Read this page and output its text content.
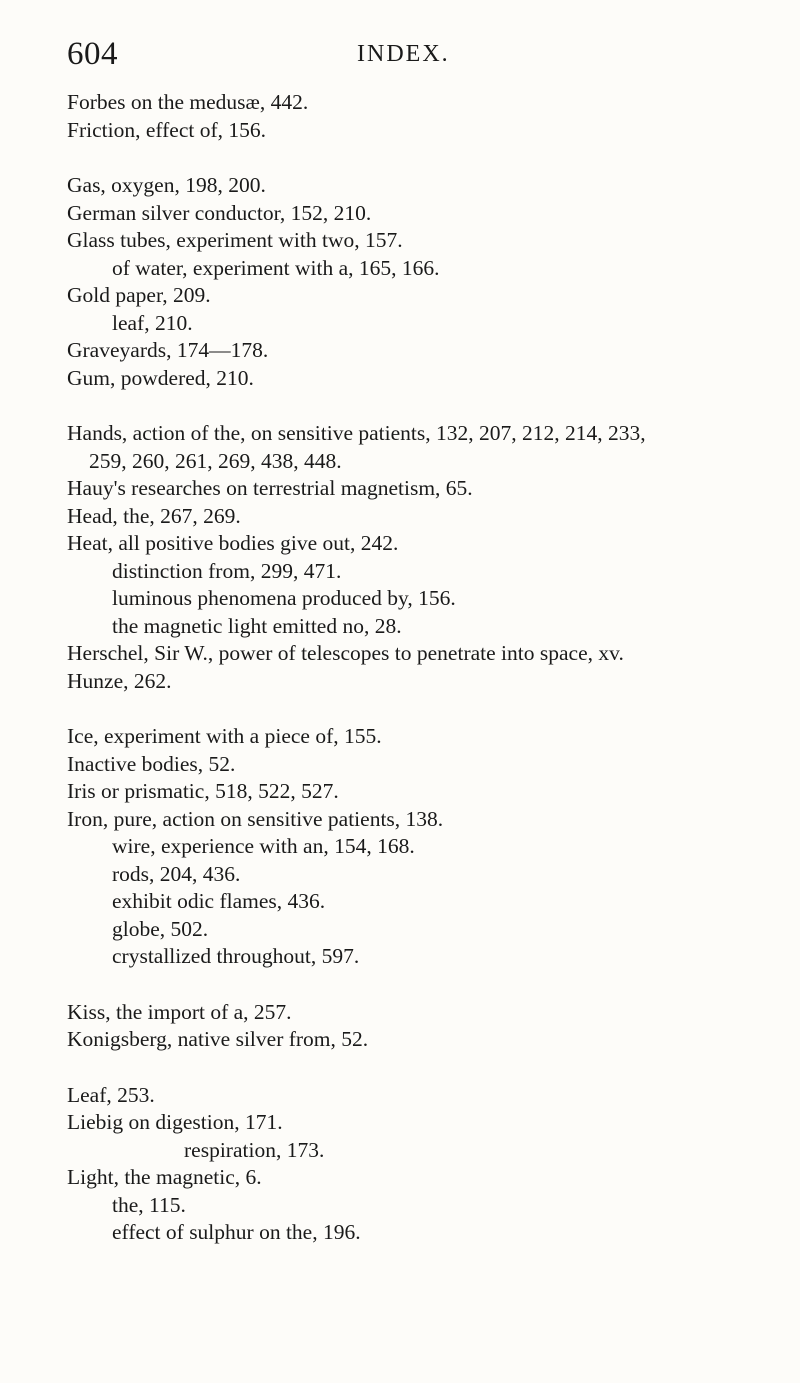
604	INDEX.
Forbes on the medusæ, 442.
Friction, effect of, 156.
Gas, oxygen, 198, 200.
German silver conductor, 152, 210.
Glass tubes, experiment with two, 157.
of water, experiment with a, 165, 166.
Gold paper, 209.
leaf, 210.
Graveyards, 174—178.
Gum, powdered, 210.
Hands, action of the, on sensitive patients, 132, 207, 212, 214, 233,
259, 260, 261, 269, 438, 448.
Hauy's researches on terrestrial magnetism, 65.
Head, the, 267, 269.
Heat, all positive bodies give out, 242.
distinction from, 299, 471.
luminous phenomena produced by, 156.
the magnetic light emitted no, 28.
Herschel, Sir W., power of telescopes to penetrate into space, xv.
Hunze, 262.
Ice, experiment with a piece of, 155.
Inactive bodies, 52.
Iris or prismatic, 518, 522, 527.
Iron, pure, action on sensitive patients, 138.
wire, experience with an, 154, 168.
rods, 204, 436.
exhibit odic flames, 436.
globe, 502.
crystallized throughout, 597.
Kiss, the import of a, 257.
Konigsberg, native silver from, 52.
Leaf, 253.
Liebig on digestion, 171.
respiration, 173.
Light, the magnetic, 6.
the, 115.
effect of sulphur on the, 196.
